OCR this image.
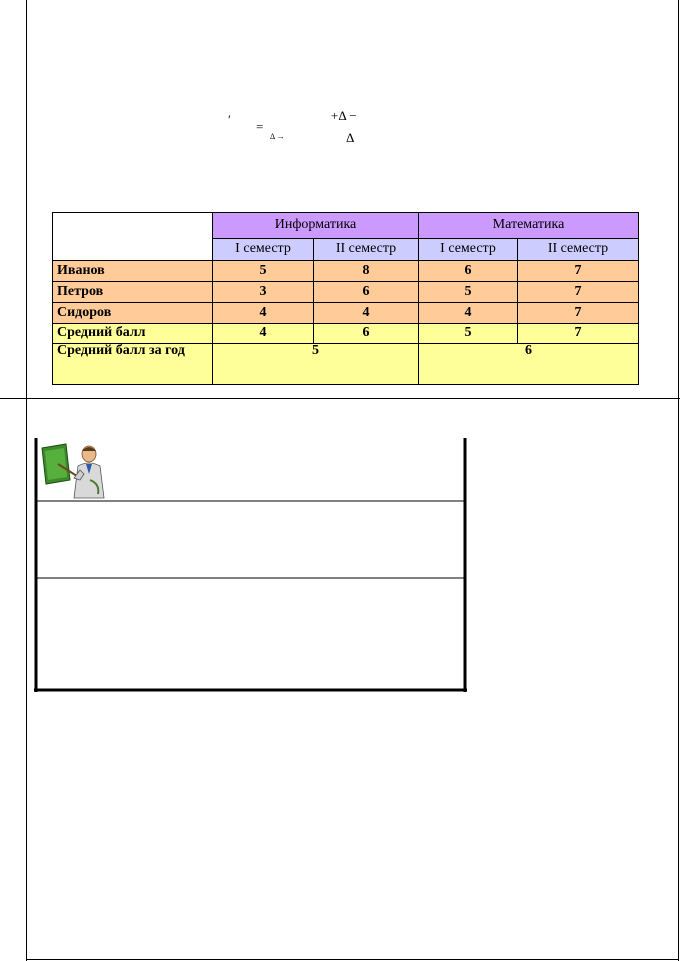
′ =
Δ →
+Δ −
Δ
	Информатика		Математика	
	I семестр	II семестр	I семестр	II семестр
Иванов	5	8	6	7
Петров	3	6	5	7
Сидоров	4	4	4	7
Средний балл	4	6	5	7
Средний балл за год	5		6	
